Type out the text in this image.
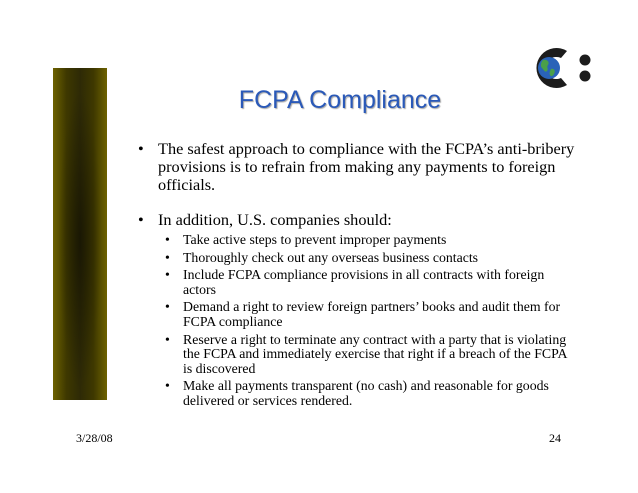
FCPA Compliance
• The safest approach to compliance with the FCPA’s anti-bribery provisions is to refrain from making any payments to foreign officials.
• In addition, U.S. companies should:
• Take active steps to prevent improper payments
• Thoroughly check out any overseas business contacts
• Include FCPA compliance provisions in all contracts with foreign actors
• Demand a right to review foreign partners’ books and audit them for FCPA compliance
• Reserve a right to terminate any contract with a party that is violating the FCPA and immediately exercise that right if a breach of the FCPA is discovered
• Make all payments transparent (no cash) and reasonable for goods delivered or services rendered.
3/28/08	24
